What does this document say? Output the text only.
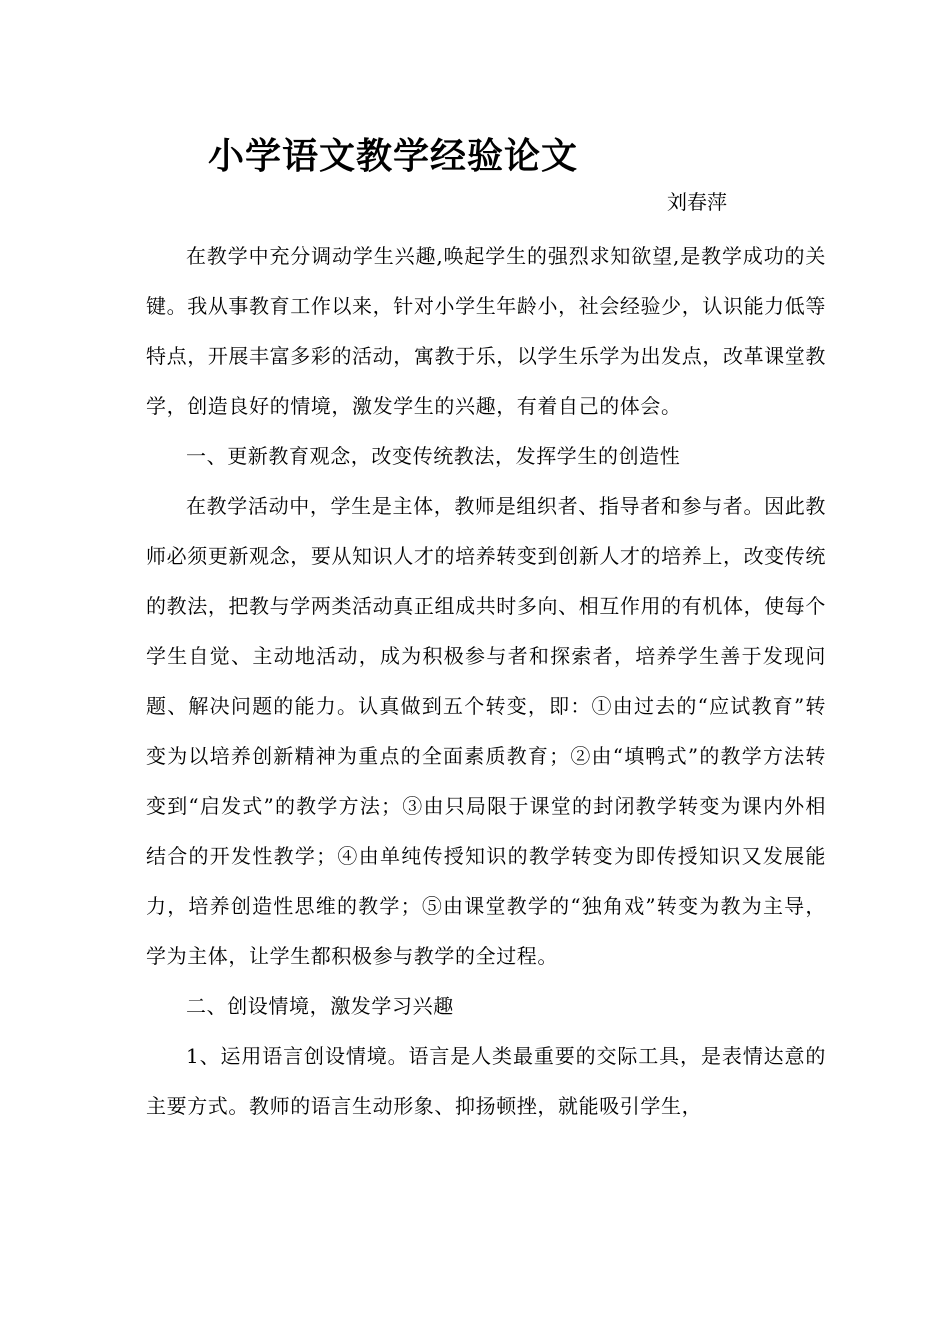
小学语文教学经验论文

刘春萍

在教学中充分调动学生兴趣,唤起学生的强烈求知欲望,是教学成功的关键。我从事教育工作以来，针对小学生年龄小，社会经验少，认识能力低等特点，开展丰富多彩的活动，寓教于乐，以学生乐学为出发点，改革课堂教学，创造良好的情境，激发学生的兴趣，有着自己的体会。

一、更新教育观念，改变传统教法，发挥学生的创造性

在教学活动中，学生是主体，教师是组织者、指导者和参与者。因此教师必须更新观念，要从知识人才的培养转变到创新人才的培养上，改变传统的教法，把教与学两类活动真正组成共时多向、相互作用的有机体，使每个学生自觉、主动地活动，成为积极参与者和探索者，培养学生善于发现问题、解决问题的能力。认真做到五个转变，即：①由过去的“应试教育”转变为以培养创新精神为重点的全面素质教育；②由“填鸭式”的教学方法转变到“启发式”的教学方法；③由只局限于课堂的封闭教学转变为课内外相结合的开发性教学；④由单纯传授知识的教学转变为即传授知识又发展能力，培养创造性思维的教学；⑤由课堂教学的“独角戏”转变为教为主导，学为主体，让学生都积极参与教学的全过程。

二、创设情境，激发学习兴趣

1、运用语言创设情境。语言是人类最重要的交际工具，是表情达意的主要方式。教师的语言生动形象、抑扬顿挫，就能吸引学生，
